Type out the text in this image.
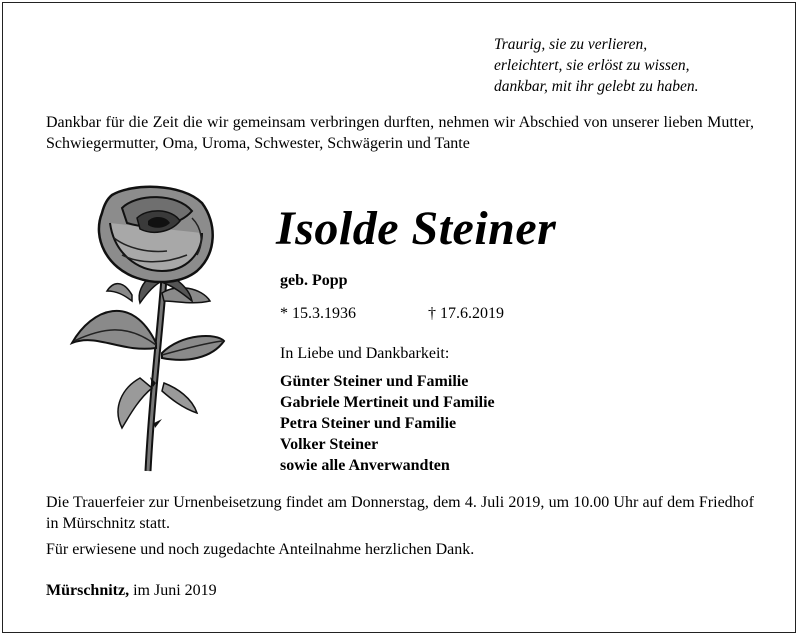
Traurig, sie zu verlieren,
erleichtert, sie erlöst zu wissen,
dankbar, mit ihr gelebt zu haben.
Dankbar für die Zeit die wir gemeinsam verbringen durften, nehmen wir Abschied von unserer lieben Mutter, Schwiegermutter, Oma, Uroma, Schwester, Schwägerin und Tante
Isolde Steiner
geb. Popp
* 15.3.1936	† 17.6.2019
In Liebe und Dankbarkeit:
Günter Steiner und Familie
Gabriele Mertineit und Familie
Petra Steiner und Familie
Volker Steiner
sowie alle Anverwandten
Die Trauerfeier zur Urnenbeisetzung findet am Donnerstag, dem 4. Juli 2019, um 10.00 Uhr auf dem Friedhof in Mürschnitz statt.
Für erwiesene und noch zugedachte Anteilnahme herzlichen Dank.
Mürschnitz, im Juni 2019
